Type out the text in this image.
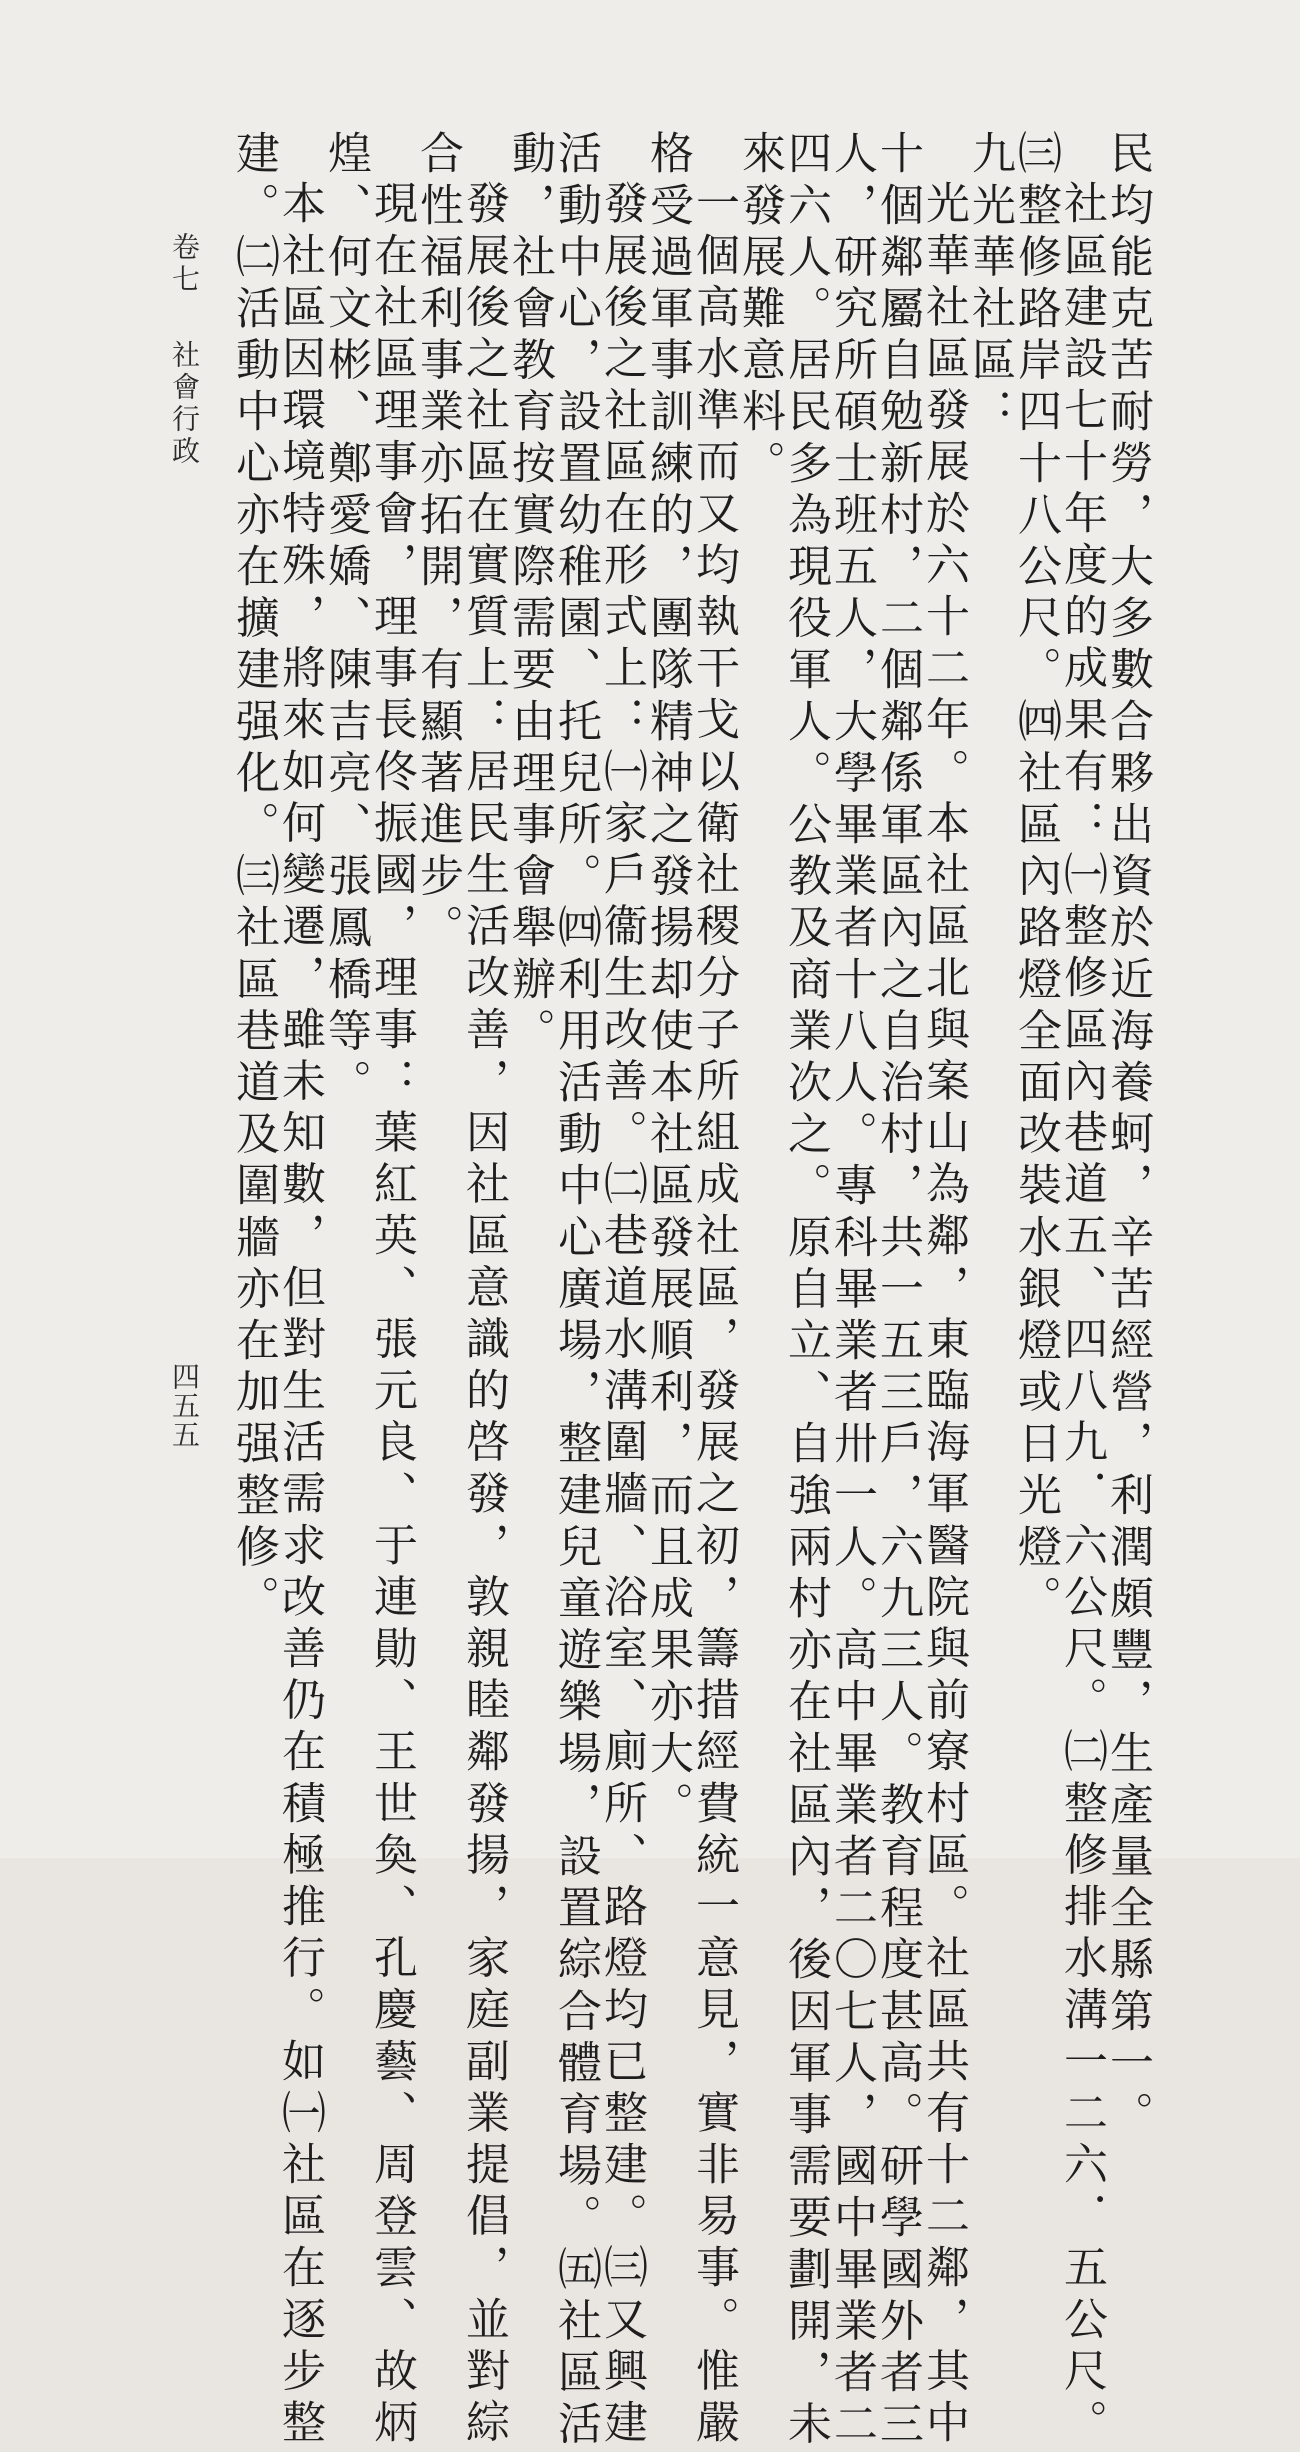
民均能克苦耐勞，大多數合夥出資於近海養蚵，辛苦經營，利潤頗豐，生產量全縣第一。
社區建設七十年度的成果有：㈠整修區內巷道五、四八九．六公尺。㈡整修排水溝一二六．五公尺。
㈢整修路岸四十八公尺。㈣社區內路燈全面改裝水銀燈或日光燈。
九光華社區：
光華社區發展於六十二年。本社區北與案山為鄰，東臨海軍醫院與前寮村區。社區共有十二鄰，其中
十個鄰屬自勉新村，二個鄰係軍區內之自治村，共一五三戶，六九三人。教育程度甚高。研學國外者三
人，研究所碩士班五人，大學畢業者十八人。專科畢業者卅一人。高中畢業者二〇七人，國中畢業者二
四六人。居民多為現役軍人。公教及商業次之。原自立、自強兩村亦在社區內，後因軍事需要劃開，未
來發展難意料。
一個高水準而又均執干戈以衛社稷分子所組成社區，發展之初，籌措經費統一意見，實非易事。惟嚴
格受過軍事訓練的，團隊精神之發揚却使本社區發展順利，而且成果亦大。
發展後之社區在形式上：㈠家戶衞生改善。㈡巷道水溝圍牆、浴室、廁所、路燈均已整建。㈢又興建
活動中心，設置幼稚園、托兒所。㈣利用活動中心廣場，整建兒童遊樂場，設置綜合體育場。㈤社區活
動，社會教育按實際需要由理事會舉辦。
發展後之社區在實質上：居民生活改善，因社區意識的啓發，敦親睦鄰發揚，家庭副業提倡，並對綜
合性福利事業亦拓開，有顯著進步。
現在社區理事會，理事長佟振國，理事：葉紅英、張元良、于連勛、王世奐、孔慶藝、周登雲、故炳
煌、何文彬、鄭愛嬌、陳吉亮、張鳳橋等。
本社區因環境特殊，將來如何變遷，雖未知數，但對生活需求改善仍在積極推行。如㈠社區在逐步整
建。㈡活動中心亦在擴建强化。㈢社區巷道及圍牆亦在加强整修。
卷七
社會行政
四五五
